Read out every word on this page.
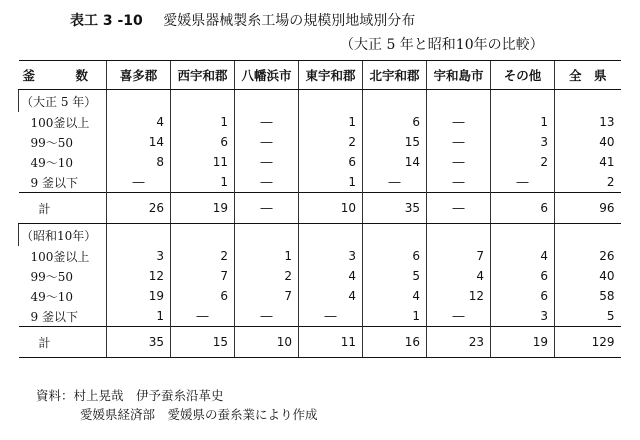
表工 3 -10 愛媛県器械製糸工場の規模別地域別分布
（大正 5 年と昭和10年の比較）
釜　数	喜多郡	西宇和郡	八幡浜市	東宇和郡	北宇和郡	宇和島市	その他	全　県
（大正 5 年）								
100釜以上	4	1	―	1	6	―	1	13
99～50	14	6	―	2	15	―	3	40
49～10	8	11	―	6	14	―	2	41
9 釜以下	―	1	―	1	―	―	―	2
計	26	19	―	10	35	―	6	96
（昭和10年）								
100釜以上	3	2	1	3	6	7	4	26
99～50	12	7	2	4	5	4	6	40
49～10	19	6	7	4	4	12	6	58
9 釜以下	1	―	―	―	1	―	3	5
計	35	15	10	11	16	23	19	129
資料：村上晃哉　伊予蚕糸沿革史
愛媛県経済部　愛媛県の蚕糸業により作成
